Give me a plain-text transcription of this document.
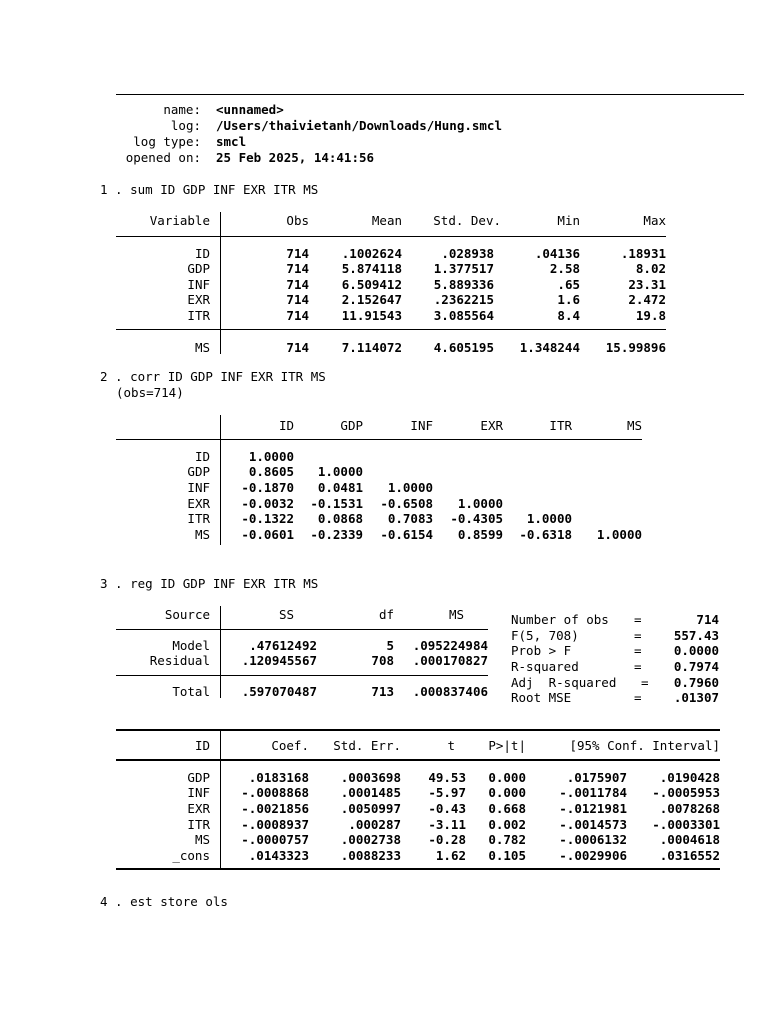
name: <unnamed>
log: /Users/thaivietanh/Downloads/Hung.smcl
log type: smcl
opened on: 25 Feb 2025, 14:41:56
1 . sum ID GDP INF EXR ITR MS
Variable	Obs	Mean	Std. Dev.	Min	Max
ID	714	.1002624	.028938	.04136	.18931
GDP	714	5.874118	1.377517	2.58	8.02
INF	714	6.509412	5.889336	.65	23.31
EXR	714	2.152647	.2362215	1.6	2.472
ITR	714	11.91543	3.085564	8.4	19.8
MS	714	7.114072	4.605195 1.348244 15.99896
2 . corr ID GDP INF EXR ITR MS
(obs=714)
ID	GDP	INF	EXR	ITR	MS
ID	1.0000
GDP	0.8605 1.0000
INF	-0.1870 0.0481 1.0000
EXR	-0.0032 -0.1531 -0.6508 1.0000
ITR	-0.1322 0.0868 0.7083 -0.4305 1.0000
MS	-0.0601 -0.2339 -0.6154 0.8599 -0.6318 1.0000
3 . reg ID GDP INF EXR ITR MS
Source	SS	df	MS
Model	.47612492	5 .095224984
Residual	.120945567	708 .000170827
Total	.597070487	713 .000837406
Number of obs =	714
F(5, 708)	=	557.43
Prob > F	=	0.0000
R-squared	=	0.7974
Adj  R-squared = 0.7960
Root MSE	=	.01307
ID	Coef. Std. Err.	t	P>|t|	[95% Conf. Interval]
GDP	.0183168	.0003698 49.53 0.000	.0175907	.0190428
INF	-.0008868	.0001485 -5.97 0.000	-.0011784 -.0005953
EXR	-.0021856	.0050997 -0.43 0.668	-.0121981	.0078268
ITR	-.0008937	.000287 -3.11 0.002	-.0014573 -.0003301
MS	-.0000757	.0002738 -0.28 0.782	-.0006132	.0004618
_cons	.0143323	.0088233	1.62 0.105	-.0029906	.0316552
4 . est store ols
